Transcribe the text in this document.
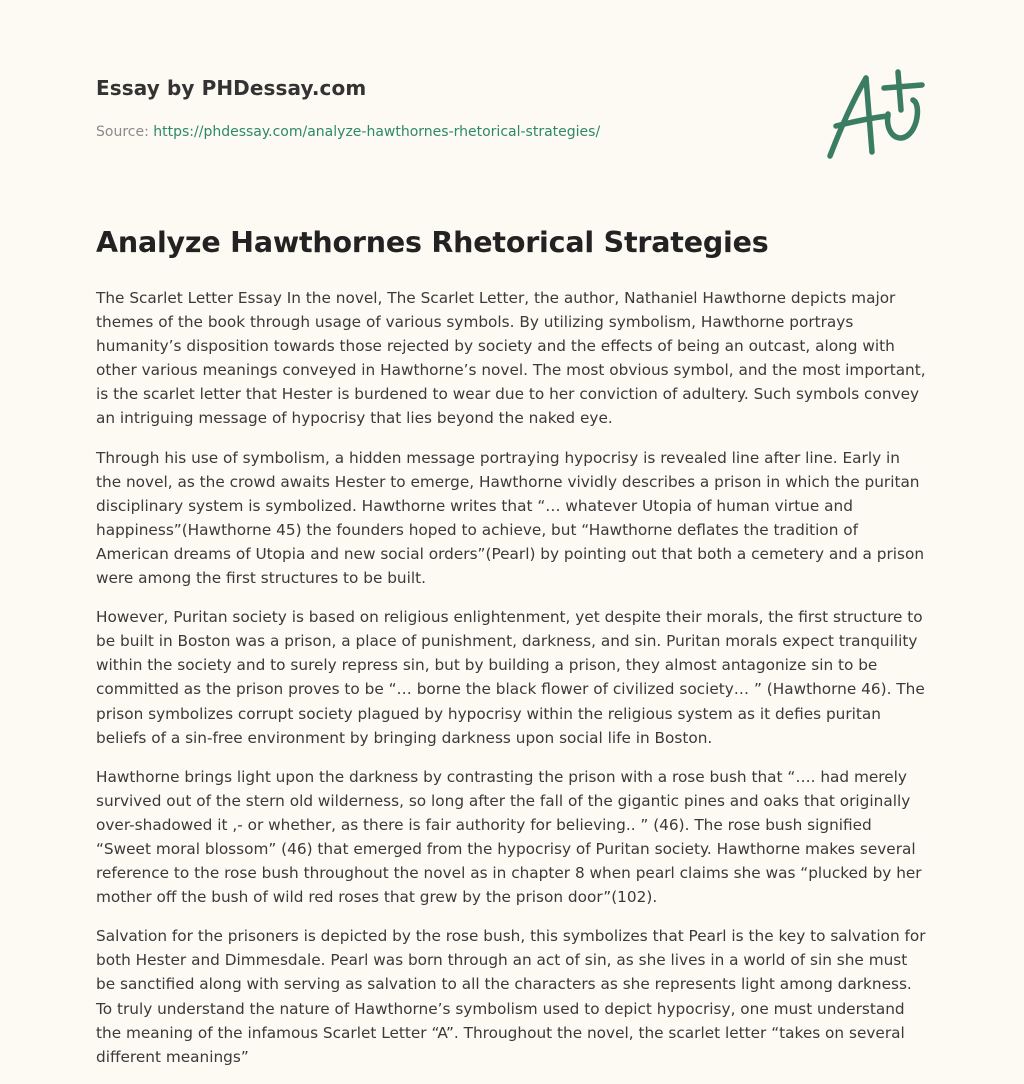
Essay by PHDessay.com
Source: https://phdessay.com/analyze-hawthornes-rhetorical-strategies/
Analyze Hawthornes Rhetorical Strategies

The Scarlet Letter Essay In the novel, The Scarlet Letter, the author, Nathaniel Hawthorne depicts major themes of the book through usage of various symbols. By utilizing symbolism, Hawthorne portrays humanity’s disposition towards those rejected by society and the effects of being an outcast, along with other various meanings conveyed in Hawthorne’s novel. The most obvious symbol, and the most important, is the scarlet letter that Hester is burdened to wear due to her conviction of adultery. Such symbols convey an intriguing message of hypocrisy that lies beyond the naked eye.

Through his use of symbolism, a hidden message portraying hypocrisy is revealed line after line. Early in the novel, as the crowd awaits Hester to emerge, Hawthorne vividly describes a prison in which the puritan disciplinary system is symbolized. Hawthorne writes that “… whatever Utopia of human virtue and happiness”(Hawthorne 45) the founders hoped to achieve, but “Hawthorne deflates the tradition of American dreams of Utopia and new social orders”(Pearl) by pointing out that both a cemetery and a prison were among the first structures to be built.

However, Puritan society is based on religious enlightenment, yet despite their morals, the first structure to be built in Boston was a prison, a place of punishment, darkness, and sin. Puritan morals expect tranquility within the society and to surely repress sin, but by building a prison, they almost antagonize sin to be committed as the prison proves to be “… borne the black flower of civilized society… ” (Hawthorne 46). The prison symbolizes corrupt society plagued by hypocrisy within the religious system as it defies puritan beliefs of a sin-free environment by bringing darkness upon social life in Boston.

Hawthorne brings light upon the darkness by contrasting the prison with a rose bush that “…. had merely survived out of the stern old wilderness, so long after the fall of the gigantic pines and oaks that originally over-shadowed it ,- or whether, as there is fair authority for believing.. ” (46). The rose bush signified “Sweet moral blossom” (46) that emerged from the hypocrisy of Puritan society. Hawthorne makes several reference to the rose bush throughout the novel as in chapter 8 when pearl claims she was “plucked by her mother off the bush of wild red roses that grew by the prison door”(102).

Salvation for the prisoners is depicted by the rose bush, this symbolizes that Pearl is the key to salvation for both Hester and Dimmesdale. Pearl was born through an act of sin, as she lives in a world of sin she must be sanctified along with serving as salvation to all the characters as she represents light among darkness. To truly understand the nature of Hawthorne’s symbolism used to depict hypocrisy, one must understand the meaning of the infamous Scarlet Letter “A”. Throughout the novel, the scarlet letter “takes on several different meanings”
